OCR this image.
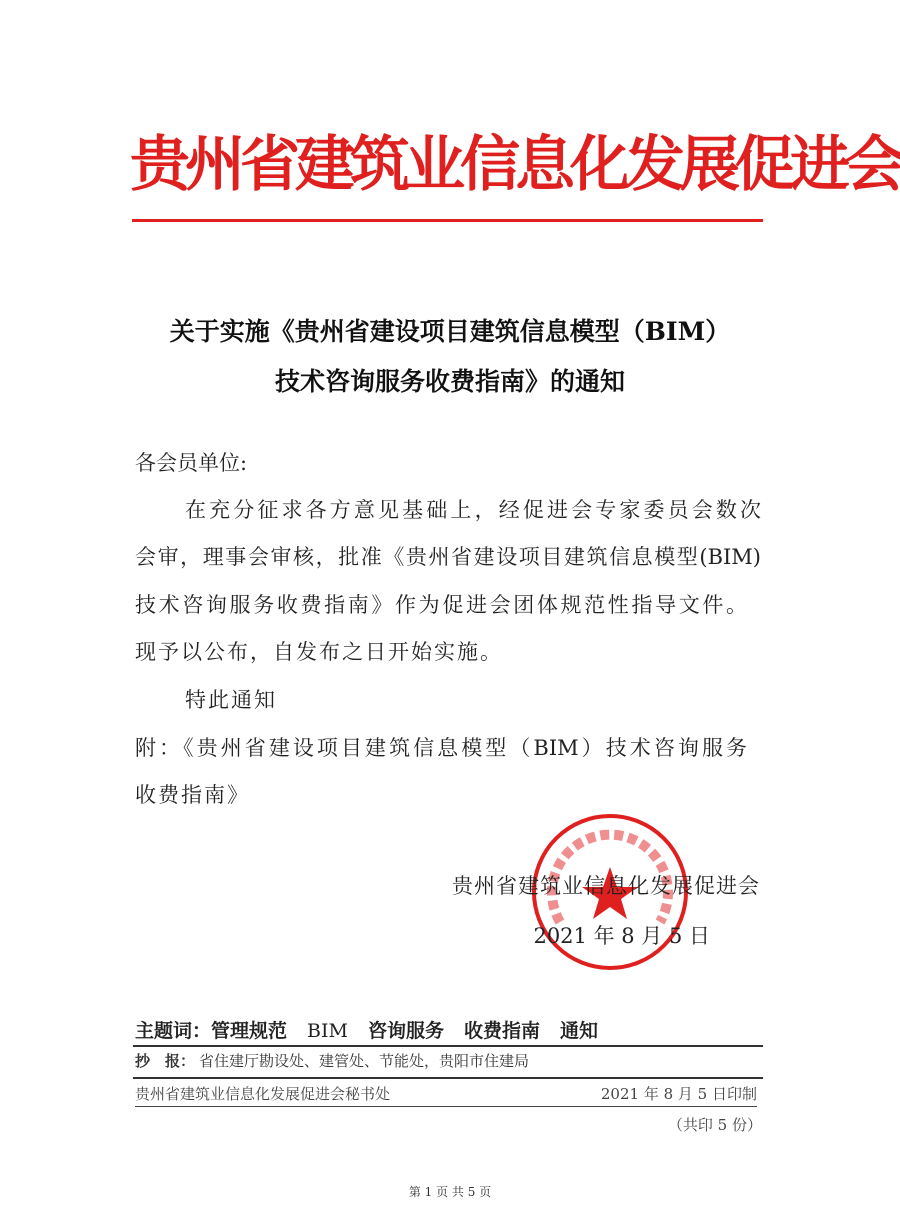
贵州省建筑业信息化发展促进会
关于实施《贵州省建设项目建筑信息模型（BIM）
技术咨询服务收费指南》的通知
各会员单位:
在充分征求各方意见基础上，经促进会专家委员会数次
会审，理事会审核，批准《贵州省建设项目建筑信息模型(BIM)
技术咨询服务收费指南》作为促进会团体规范性指导文件。
现予以公布，自发布之日开始实施。
特此通知
附：《贵州省建设项目建筑信息模型（BIM）技术咨询服务
收费指南》
贵州省建筑业信息化发展促进会
2021 年 8 月 5 日
主题词：管理规范 BIM 咨询服务 收费指南 通知
抄　报： 省住建厅勘设处、建管处、节能处，贵阳市住建局
贵州省建筑业信息化发展促进会秘书处	2021 年 8 月 5 日印制
（共印 5 份）
第 1 页 共 5 页
